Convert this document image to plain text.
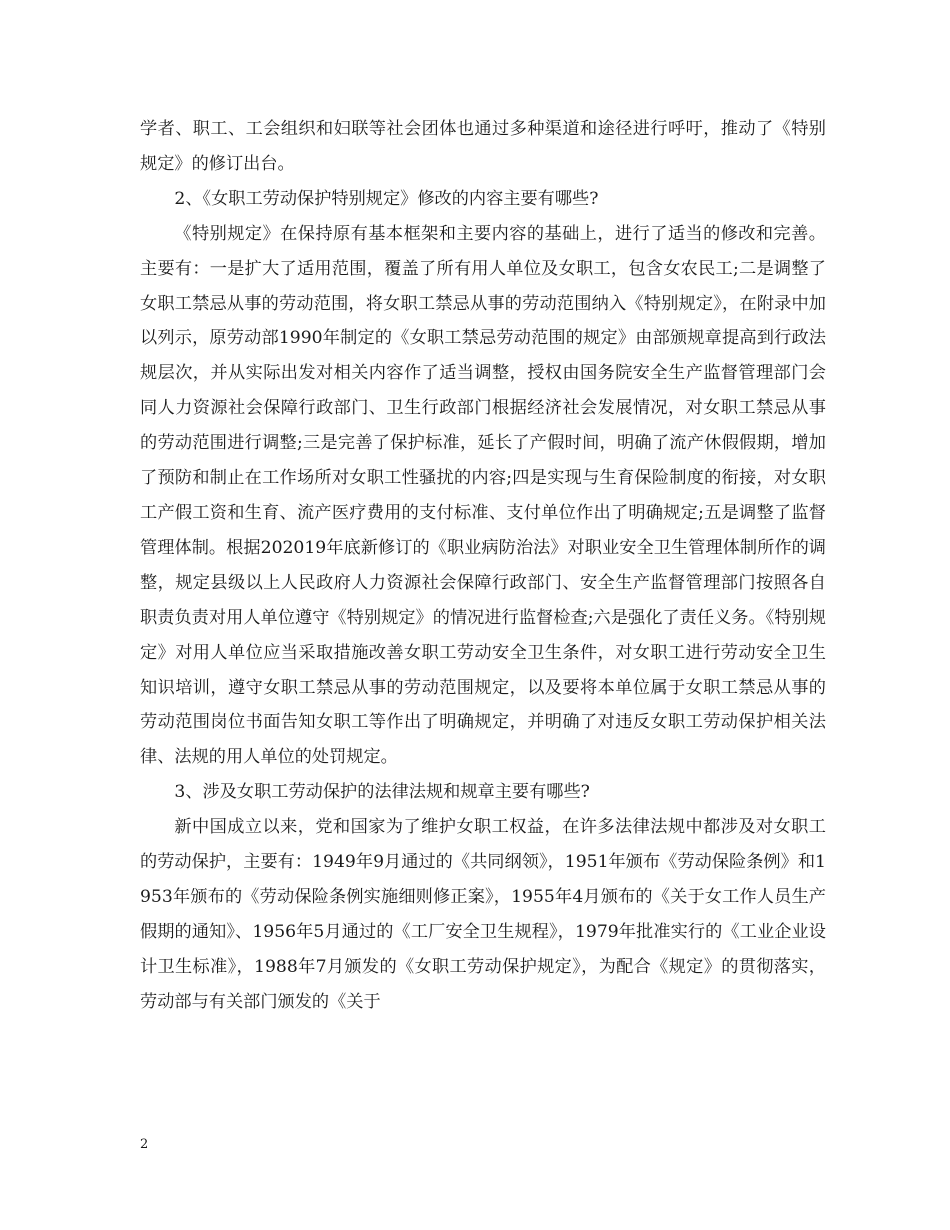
学者、职工、工会组织和妇联等社会团体也通过多种渠道和途径进行呼吁，推动了《特别规定》的修订出台。

2、《女职工劳动保护特别规定》修改的内容主要有哪些?

《特别规定》在保持原有基本框架和主要内容的基础上，进行了适当的修改和完善。主要有：一是扩大了适用范围，覆盖了所有用人单位及女职工，包含女农民工;二是调整了女职工禁忌从事的劳动范围，将女职工禁忌从事的劳动范围纳入《特别规定》，在附录中加以列示，原劳动部1990年制定的《女职工禁忌劳动范围的规定》由部颁规章提高到行政法规层次，并从实际出发对相关内容作了适当调整，授权由国务院安全生产监督管理部门会同人力资源社会保障行政部门、卫生行政部门根据经济社会发展情况，对女职工禁忌从事的劳动范围进行调整;三是完善了保护标准，延长了产假时间，明确了流产休假假期，增加了预防和制止在工作场所对女职工性骚扰的内容;四是实现与生育保险制度的衔接，对女职工产假工资和生育、流产医疗费用的支付标准、支付单位作出了明确规定;五是调整了监督管理体制。根据202019年底新修订的《职业病防治法》对职业安全卫生管理体制所作的调整，规定县级以上人民政府人力资源社会保障行政部门、安全生产监督管理部门按照各自职责负责对用人单位遵守《特别规定》的情况进行监督检查;六是强化了责任义务。《特别规定》对用人单位应当采取措施改善女职工劳动安全卫生条件，对女职工进行劳动安全卫生知识培训，遵守女职工禁忌从事的劳动范围规定，以及要将本单位属于女职工禁忌从事的劳动范围岗位书面告知女职工等作出了明确规定，并明确了对违反女职工劳动保护相关法律、法规的用人单位的处罚规定。

3、涉及女职工劳动保护的法律法规和规章主要有哪些?

新中国成立以来，党和国家为了维护女职工权益，在许多法律法规中都涉及对女职工的劳动保护，主要有：1949年9月通过的《共同纲领》，1951年颁布《劳动保险条例》和1953年颁布的《劳动保险条例实施细则修正案》，1955年4月颁布的《关于女工作人员生产假期的通知》、1956年5月通过的《工厂安全卫生规程》，1979年批准实行的《工业企业设计卫生标准》，1988年7月颁发的《女职工劳动保护规定》，为配合《规定》的贯彻落实，劳动部与有关部门颁发的《关于

2
